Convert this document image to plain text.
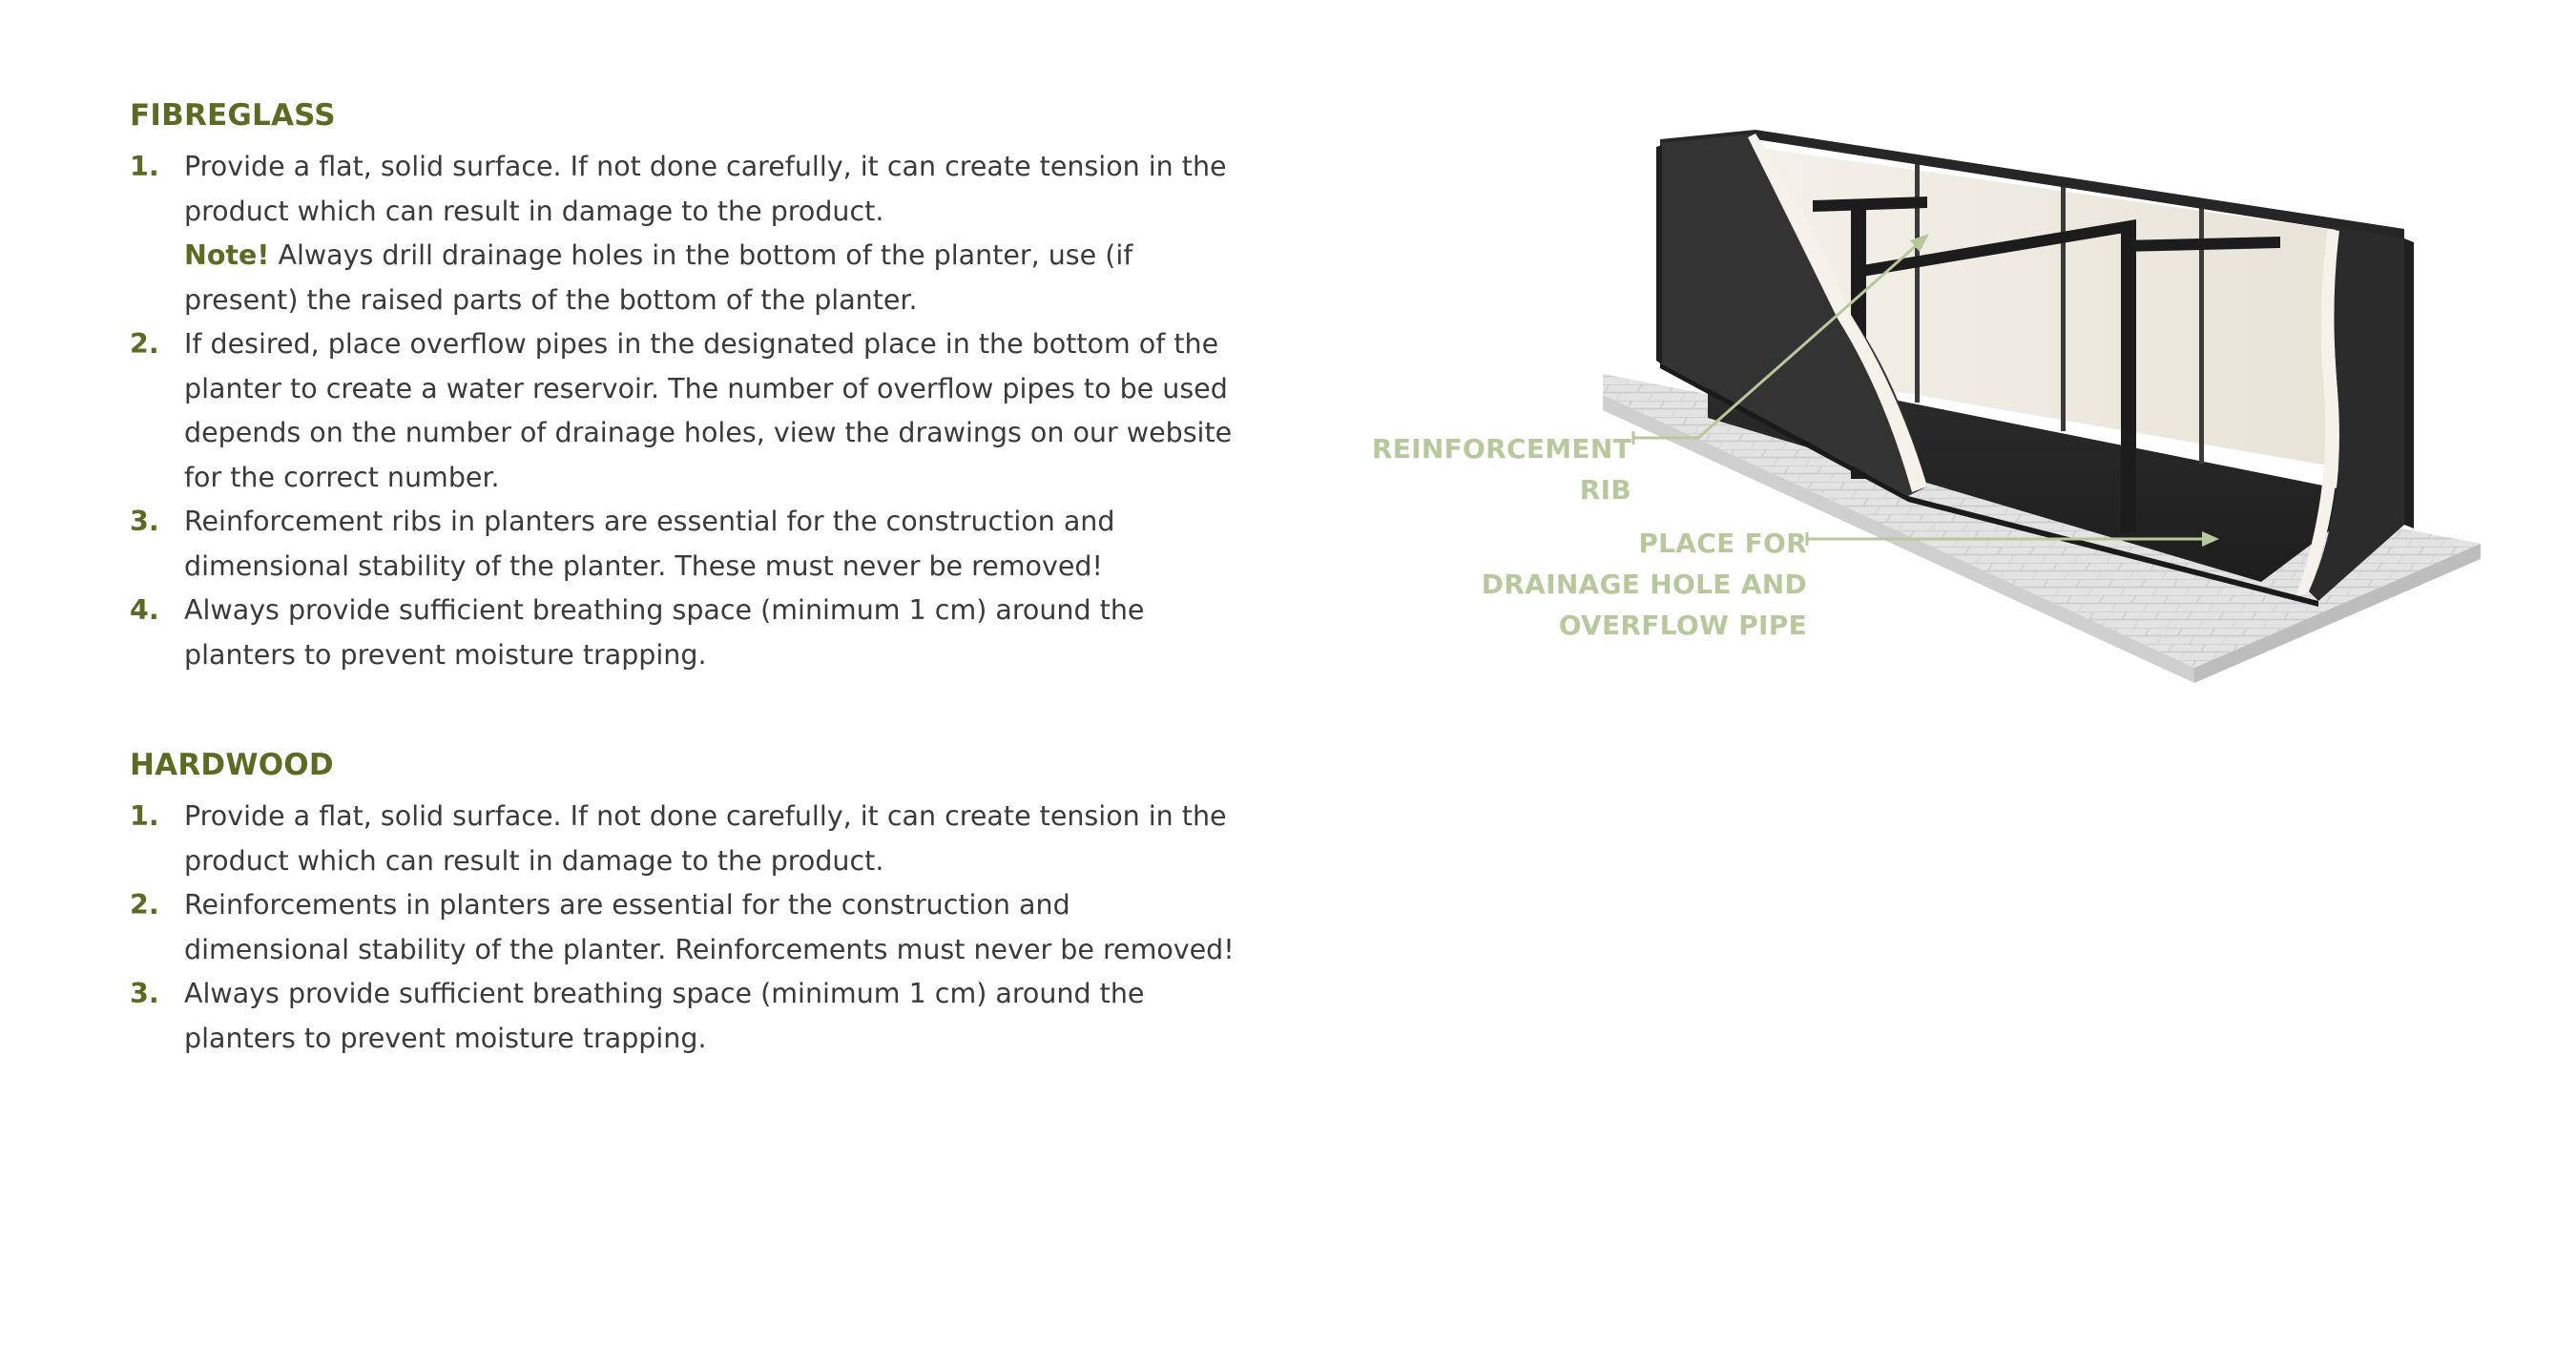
FIBREGLASS
1. Provide a flat, solid surface. If not done carefully, it can create tension in the product which can result in damage to the product.
Note! Always drill drainage holes in the bottom of the planter, use (if present) the raised parts of the bottom of the planter.
2. If desired, place overflow pipes in the designated place in the bottom of the planter to create a water reservoir. The number of overflow pipes to be used depends on the number of drainage holes, view the drawings on our website for the correct number.
3. Reinforcement ribs in planters are essential for the construction and dimensional stability of the planter. These must never be removed!
4. Always provide sufficient breathing space (minimum 1 cm) around the planters to prevent moisture trapping.
HARDWOOD
1. Provide a flat, solid surface. If not done carefully, it can create tension in the product which can result in damage to the product.
2. Reinforcements in planters are essential for the construction and dimensional stability of the planter. Reinforcements must never be removed!
3. Always provide sufficient breathing space (minimum 1 cm) around the planters to prevent moisture trapping.
REINFORCEMENT RIB
PLACE FOR
DRAINAGE HOLE AND
OVERFLOW PIPE
